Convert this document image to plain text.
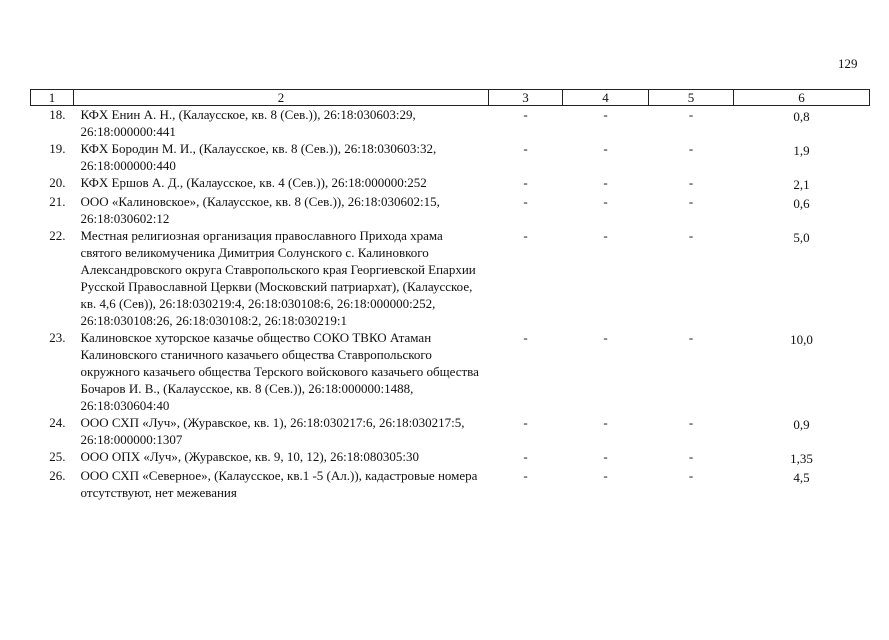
129
1	2	3	4	5	6
18.	КФХ Енин А. Н., (Калаусское, кв. 8 (Сев.)), 26:18:030603:29, 26:18:000000:441	-	-	-	0,8
19.	КФХ Бородин М. И., (Калаусское, кв. 8 (Сев.)), 26:18:030603:32, 26:18:000000:440	-	-	-	1,9
20.	КФХ Ершов А. Д., (Калаусское, кв. 4 (Сев.)), 26:18:000000:252	-	-	-	2,1
21.	ООО «Калиновское», (Калаусское, кв. 8 (Сев.)), 26:18:030602:15, 26:18:030602:12	-	-	-	0,6
22.	Местная религиозная организация православного Прихода храма святого великомученика Димитрия Солунского с. Калиновкого Александровского округа Ставропольского края Георгиевской Епархии Русской Православной Церкви (Московский патриархат), (Калаусское, кв. 4,6 (Сев)), 26:18:030219:4, 26:18:030108:6, 26:18:000000:252, 26:18:030108:26, 26:18:030108:2, 26:18:030219:1	-	-	-	5,0
23.	Калиновское хуторское казачье общество СОКО ТВКО Атаман Калиновского станичного казачьего общества Ставропольского окружного казачьего общества Терского войскового казачьего общества Бочаров И. В., (Калаусское, кв. 8 (Сев.)), 26:18:000000:1488, 26:18:030604:40	-	-	-	10,0
24.	ООО СХП «Луч», (Журавское, кв. 1), 26:18:030217:6, 26:18:030217:5, 26:18:000000:1307	-	-	-	0,9
25.	ООО ОПХ «Луч», (Журавское, кв. 9, 10, 12), 26:18:080305:30	-	-	-	1,35
26.	ООО СХП «Северное», (Калаусское, кв.1 -5 (Ал.)), кадастровые номера отсутствуют, нет межевания	-	-	-	4,5
